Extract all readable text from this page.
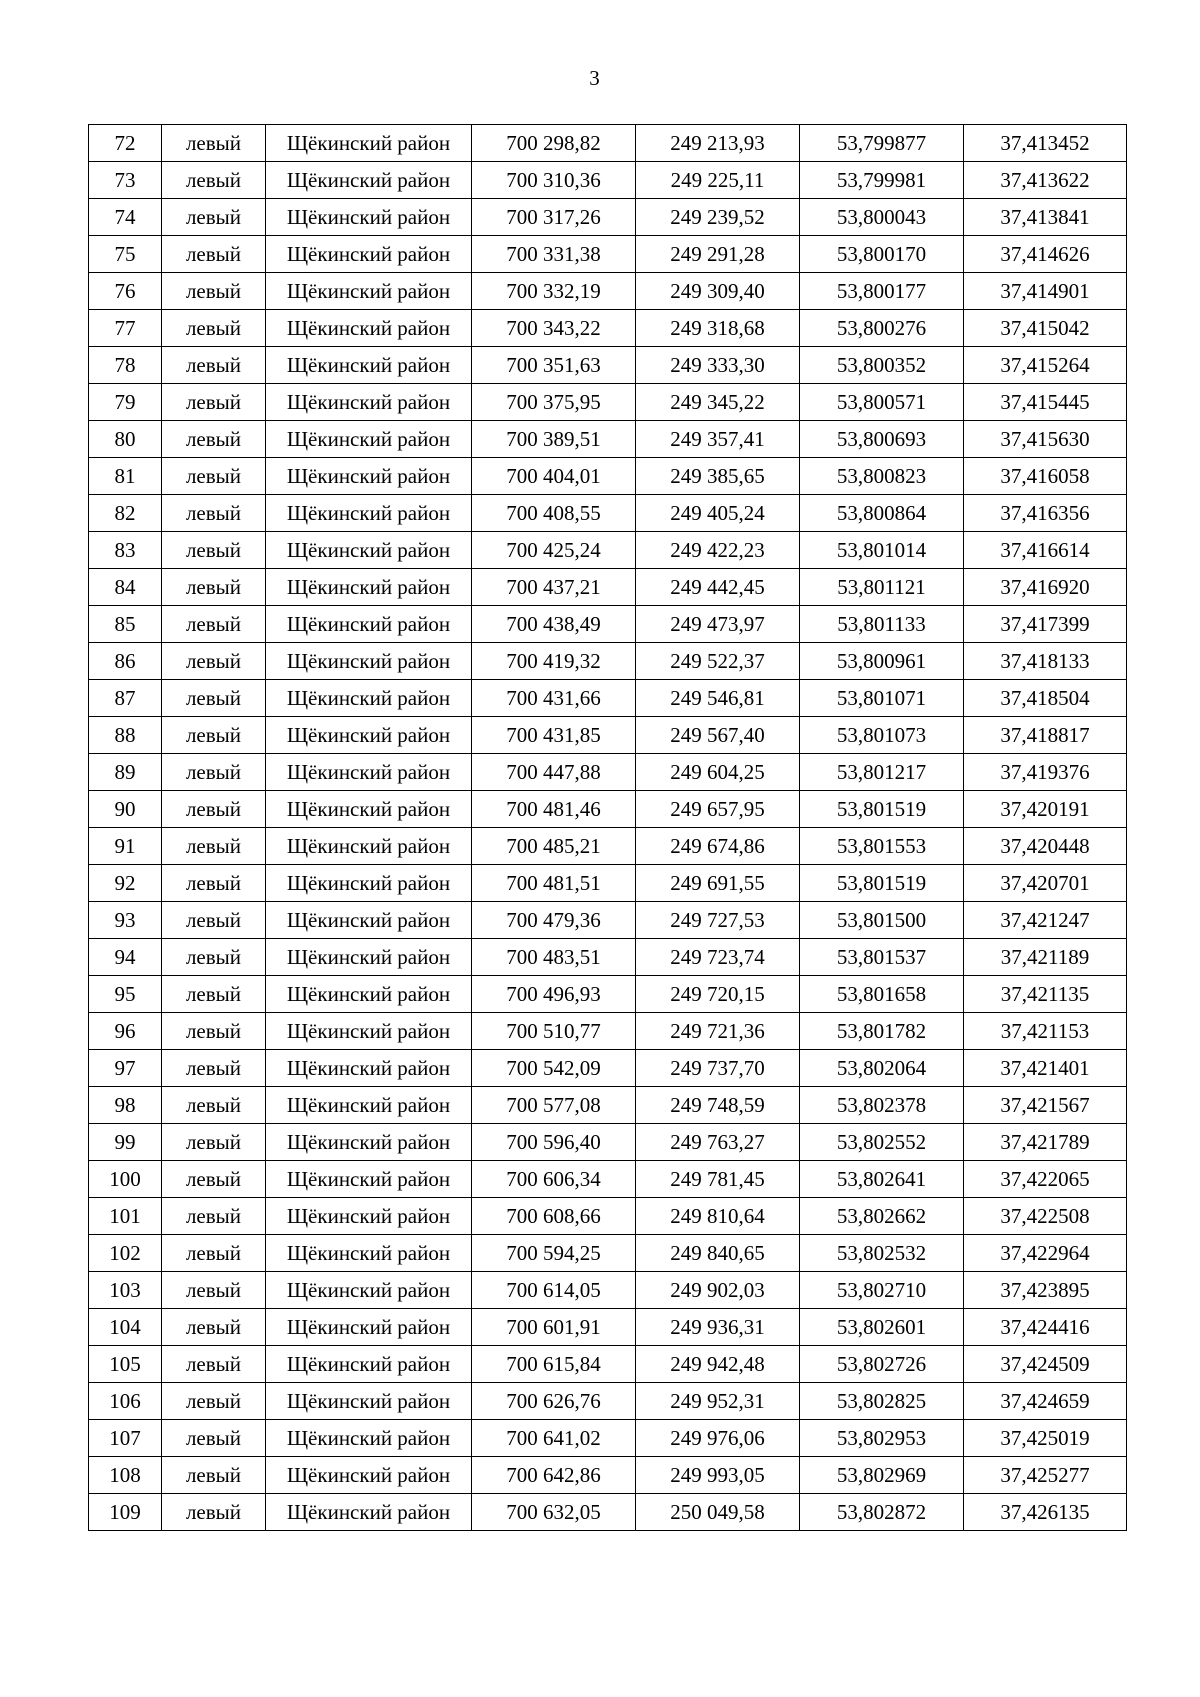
3
72	левый	Щёкинский район	700 298,82	249 213,93	53,799877	37,413452
73	левый	Щёкинский район	700 310,36	249 225,11	53,799981	37,413622
74	левый	Щёкинский район	700 317,26	249 239,52	53,800043	37,413841
75	левый	Щёкинский район	700 331,38	249 291,28	53,800170	37,414626
76	левый	Щёкинский район	700 332,19	249 309,40	53,800177	37,414901
77	левый	Щёкинский район	700 343,22	249 318,68	53,800276	37,415042
78	левый	Щёкинский район	700 351,63	249 333,30	53,800352	37,415264
79	левый	Щёкинский район	700 375,95	249 345,22	53,800571	37,415445
80	левый	Щёкинский район	700 389,51	249 357,41	53,800693	37,415630
81	левый	Щёкинский район	700 404,01	249 385,65	53,800823	37,416058
82	левый	Щёкинский район	700 408,55	249 405,24	53,800864	37,416356
83	левый	Щёкинский район	700 425,24	249 422,23	53,801014	37,416614
84	левый	Щёкинский район	700 437,21	249 442,45	53,801121	37,416920
85	левый	Щёкинский район	700 438,49	249 473,97	53,801133	37,417399
86	левый	Щёкинский район	700 419,32	249 522,37	53,800961	37,418133
87	левый	Щёкинский район	700 431,66	249 546,81	53,801071	37,418504
88	левый	Щёкинский район	700 431,85	249 567,40	53,801073	37,418817
89	левый	Щёкинский район	700 447,88	249 604,25	53,801217	37,419376
90	левый	Щёкинский район	700 481,46	249 657,95	53,801519	37,420191
91	левый	Щёкинский район	700 485,21	249 674,86	53,801553	37,420448
92	левый	Щёкинский район	700 481,51	249 691,55	53,801519	37,420701
93	левый	Щёкинский район	700 479,36	249 727,53	53,801500	37,421247
94	левый	Щёкинский район	700 483,51	249 723,74	53,801537	37,421189
95	левый	Щёкинский район	700 496,93	249 720,15	53,801658	37,421135
96	левый	Щёкинский район	700 510,77	249 721,36	53,801782	37,421153
97	левый	Щёкинский район	700 542,09	249 737,70	53,802064	37,421401
98	левый	Щёкинский район	700 577,08	249 748,59	53,802378	37,421567
99	левый	Щёкинский район	700 596,40	249 763,27	53,802552	37,421789
100	левый	Щёкинский район	700 606,34	249 781,45	53,802641	37,422065
101	левый	Щёкинский район	700 608,66	249 810,64	53,802662	37,422508
102	левый	Щёкинский район	700 594,25	249 840,65	53,802532	37,422964
103	левый	Щёкинский район	700 614,05	249 902,03	53,802710	37,423895
104	левый	Щёкинский район	700 601,91	249 936,31	53,802601	37,424416
105	левый	Щёкинский район	700 615,84	249 942,48	53,802726	37,424509
106	левый	Щёкинский район	700 626,76	249 952,31	53,802825	37,424659
107	левый	Щёкинский район	700 641,02	249 976,06	53,802953	37,425019
108	левый	Щёкинский район	700 642,86	249 993,05	53,802969	37,425277
109	левый	Щёкинский район	700 632,05	250 049,58	53,802872	37,426135
